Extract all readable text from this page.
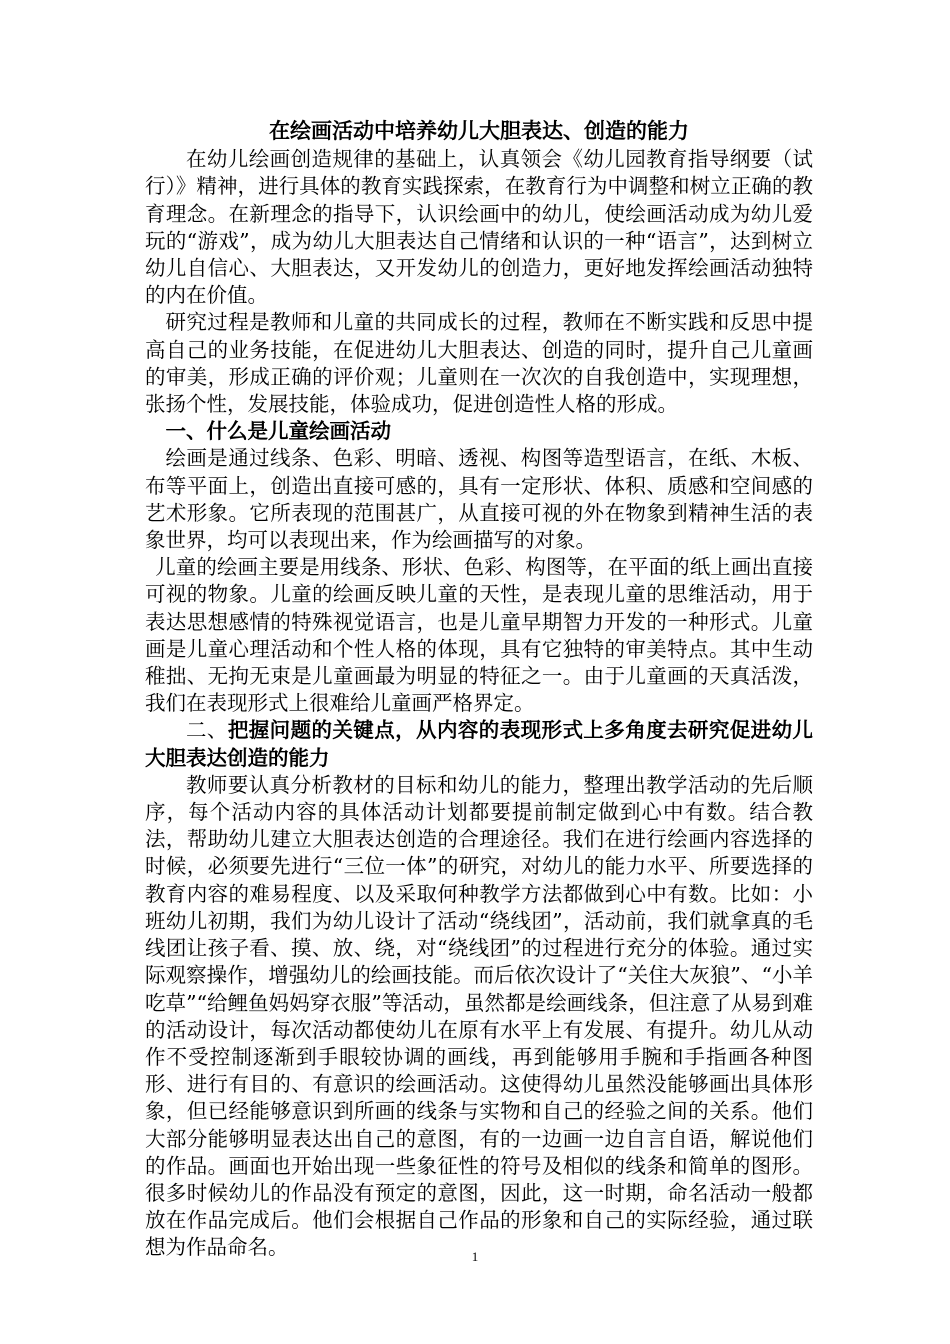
在绘画活动中培养幼儿大胆表达、创造的能力

在幼儿绘画创造规律的基础上，认真领会《幼儿园教育指导纲要（试行）》精神，进行具体的教育实践探索，在教育行为中调整和树立正确的教育理念。在新理念的指导下，认识绘画中的幼儿，使绘画活动成为幼儿爱玩的“游戏”，成为幼儿大胆表达自己情绪和认识的一种“语言”，达到树立幼儿自信心、大胆表达，又开发幼儿的创造力，更好地发挥绘画活动独特的内在价值。

研究过程是教师和儿童的共同成长的过程，教师在不断实践和反思中提高自己的业务技能，在促进幼儿大胆表达、创造的同时，提升自己儿童画的审美，形成正确的评价观；儿童则在一次次的自我创造中，实现理想，张扬个性，发展技能，体验成功，促进创造性人格的形成。

一、什么是儿童绘画活动

绘画是通过线条、色彩、明暗、透视、构图等造型语言，在纸、木板、布等平面上，创造出直接可感的，具有一定形状、体积、质感和空间感的艺术形象。它所表现的范围甚广，从直接可视的外在物象到精神生活的表象世界，均可以表现出来，作为绘画描写的对象。

儿童的绘画主要是用线条、形状、色彩、构图等，在平面的纸上画出直接可视的物象。儿童的绘画反映儿童的天性，是表现儿童的思维活动，用于表达思想感情的特殊视觉语言，也是儿童早期智力开发的一种形式。儿童画是儿童心理活动和个性人格的体现，具有它独特的审美特点。其中生动稚拙、无拘无束是儿童画最为明显的特征之一。由于儿童画的天真活泼，我们在表现形式上很难给儿童画严格界定。

二、把握问题的关键点，从内容的表现形式上多角度去研究促进幼儿大胆表达创造的能力

教师要认真分析教材的目标和幼儿的能力，整理出教学活动的先后顺序，每个活动内容的具体活动计划都要提前制定做到心中有数。结合教法，帮助幼儿建立大胆表达创造的合理途径。我们在进行绘画内容选择的时候，必须要先进行“三位一体”的研究，对幼儿的能力水平、所要选择的教育内容的难易程度、以及采取何种教学方法都做到心中有数。比如：小班幼儿初期，我们为幼儿设计了活动“绕线团”，活动前，我们就拿真的毛线团让孩子看、摸、放、绕，对“绕线团”的过程进行充分的体验。通过实际观察操作，增强幼儿的绘画技能。而后依次设计了“关住大灰狼”、“小羊吃草”“给鲤鱼妈妈穿衣服”等活动，虽然都是绘画线条，但注意了从易到难的活动设计，每次活动都使幼儿在原有水平上有发展、有提升。幼儿从动作不受控制逐渐到手眼较协调的画线，再到能够用手腕和手指画各种图形、进行有目的、有意识的绘画活动。这使得幼儿虽然没能够画出具体形象，但已经能够意识到所画的线条与实物和自己的经验之间的关系。他们大部分能够明显表达出自己的意图，有的一边画一边自言自语，解说他们的作品。画面也开始出现一些象征性的符号及相似的线条和简单的图形。很多时候幼儿的作品没有预定的意图，因此，这一时期，命名活动一般都放在作品完成后。他们会根据自己作品的形象和自己的实际经验，通过联想为作品命名。	1
